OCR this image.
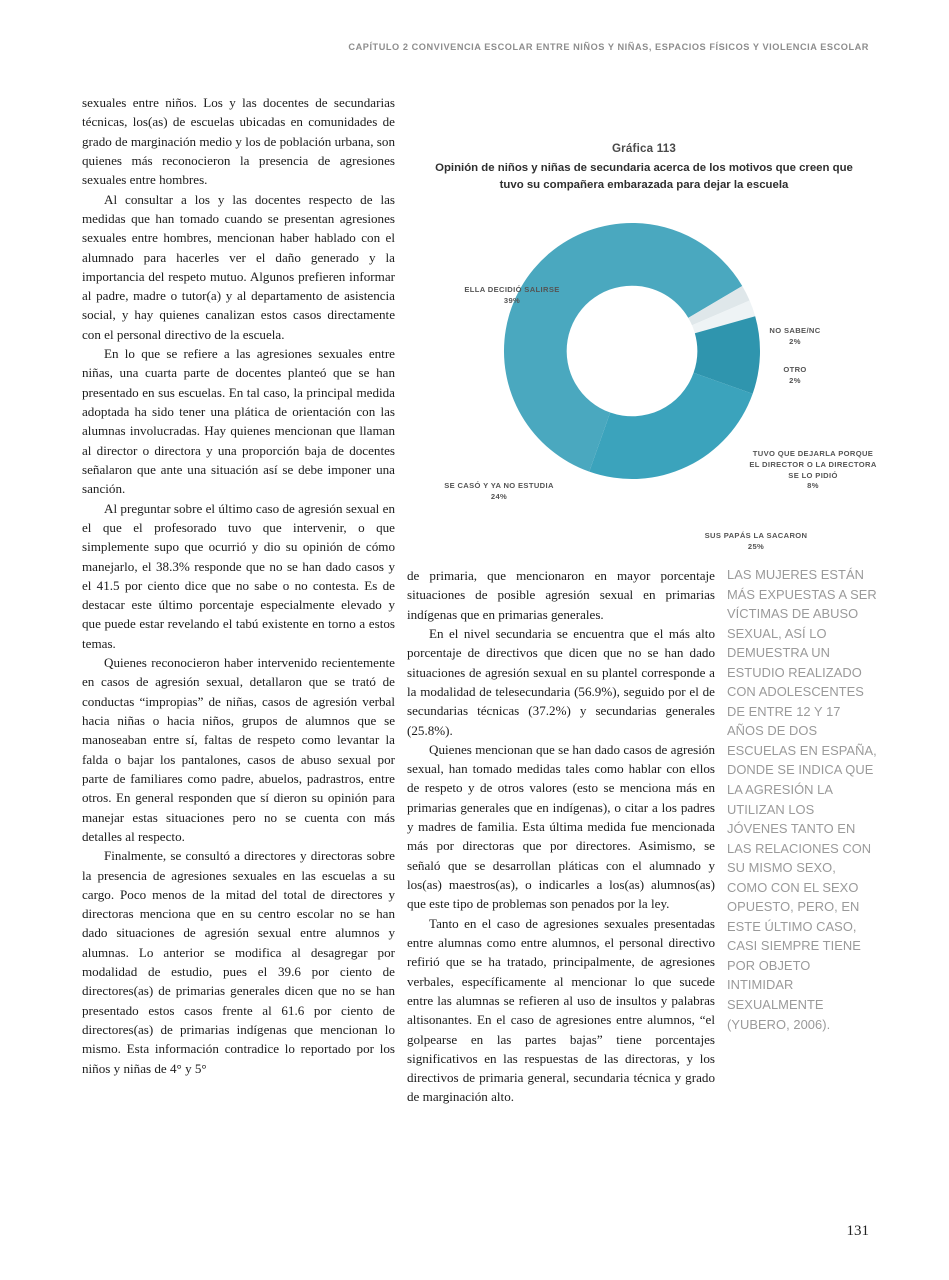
CAPÍTULO 2 CONVIVENCIA ESCOLAR ENTRE NIÑOS Y NIÑAS, ESPACIOS FÍSICOS Y VIOLENCIA ESCOLAR

sexuales entre niños. Los y las docentes de secundarias técnicas, los(as) de escuelas ubicadas en comunidades de grado de marginación medio y los de población urbana, son quienes más reconocieron la presencia de agresiones sexuales entre hombres.

Al consultar a los y las docentes respecto de las medidas que han tomado cuando se presentan agresiones sexuales entre hombres, mencionan haber hablado con el alumnado para hacerles ver el daño generado y la importancia del respeto mutuo. Algunos prefieren informar al padre, madre o tutor(a) y al departamento de asistencia social, y hay quienes canalizan estos casos directamente con el personal directivo de la escuela.

En lo que se refiere a las agresiones sexuales entre niñas, una cuarta parte de docentes planteó que se han presentado en sus escuelas. En tal caso, la principal medida adoptada ha sido tener una plática de orientación con las alumnas involucradas. Hay quienes mencionan que llaman al director o directora y una proporción baja de docentes señalaron que ante una situación así se debe imponer una sanción.

Al preguntar sobre el último caso de agresión sexual en el que el profesorado tuvo que intervenir, o que simplemente supo que ocurrió y dio su opinión de cómo manejarlo, el 38.3% responde que no se han dado casos y el 41.5 por ciento dice que no sabe o no contesta. Es de destacar este último porcentaje especialmente elevado y que puede estar revelando el tabú existente en torno a estos temas.

Quienes reconocieron haber intervenido recientemente en casos de agresión sexual, detallaron que se trató de conductas “impropias” de niñas, casos de agresión verbal hacia niñas o hacia niños, grupos de alumnos que se manoseaban entre sí, faltas de respeto como levantar la falda o bajar los pantalones, casos de abuso sexual por parte de familiares como padre, abuelos, padrastros, entre otros. En general responden que sí dieron su opinión para manejar estas situaciones pero no se cuenta con más detalles al respecto.

Finalmente, se consultó a directores y directoras sobre la presencia de agresiones sexuales en las escuelas a su cargo. Poco menos de la mitad del total de directores y directoras menciona que en su centro escolar no se han dado situaciones de agresión sexual entre alumnos y alumnas. Lo anterior se modifica al desagregar por modalidad de estudio, pues el 39.6 por ciento de directores(as) de primarias generales dicen que no se han presentado estos casos frente al 61.6 por ciento de directores(as) de primarias indígenas que mencionan lo mismo. Esta información contradice lo reportado por los niños y niñas de 4° y 5°

Gráfica 113
Opinión de niños y niñas de secundaria acerca de los motivos que creen que tuvo su compañera embarazada para dejar la escuela
ELLA DECIDIÓ SALIRSE
39%
NO SABE/NC
2%
OTRO
2%
TUVO QUE DEJARLA PORQUE EL DIRECTOR O LA DIRECTORA SE LO PIDIÓ
8%
SUS PAPÁS LA SACARON
25%
SE CASÓ Y YA NO ESTUDIA
24%

de primaria, que mencionaron en mayor porcentaje situaciones de posible agresión sexual en primarias indígenas que en primarias generales.

En el nivel secundaria se encuentra que el más alto porcentaje de directivos que dicen que no se han dado situaciones de agresión sexual en su plantel corresponde a la modalidad de telesecundaria (56.9%), seguido por el de secundarias técnicas (37.2%) y secundarias generales (25.8%).

Quienes mencionan que se han dado casos de agresión sexual, han tomado medidas tales como hablar con ellos de respeto y de otros valores (esto se menciona más en primarias generales que en indígenas), o citar a los padres y madres de familia. Esta última medida fue mencionada más por directoras que por directores. Asimismo, se señaló que se desarrollan pláticas con el alumnado y los(as) maestros(as), o indicarles a los(as) alumnos(as) que este tipo de problemas son penados por la ley.

Tanto en el caso de agresiones sexuales presentadas entre alumnas como entre alumnos, el personal directivo refirió que se ha tratado, principalmente, de agresiones verbales, específicamente al mencionar lo que sucede entre las alumnas se refieren al uso de insultos y palabras altisonantes. En el caso de agresiones entre alumnos, “el golpearse en las partes bajas” tiene porcentajes significativos en las respuestas de las directoras, y los directivos de primaria general, secundaria técnica y grado de marginación alto.

LAS MUJERES ESTÁN MÁS EXPUESTAS A SER VÍCTIMAS DE ABUSO SEXUAL, ASÍ LO DEMUESTRA UN ESTUDIO REALIZADO CON ADOLESCENTES DE ENTRE 12 Y 17 AÑOS DE DOS ESCUELAS EN ESPAÑA, DONDE SE INDICA QUE LA AGRESIÓN LA UTILIZAN LOS JÓVENES TANTO EN LAS RELACIONES CON SU MISMO SEXO, COMO CON EL SEXO OPUESTO, PERO, EN ESTE ÚLTIMO CASO, CASI SIEMPRE TIENE POR OBJETO INTIMIDAR SEXUALMENTE (YUBERO, 2006).
131
